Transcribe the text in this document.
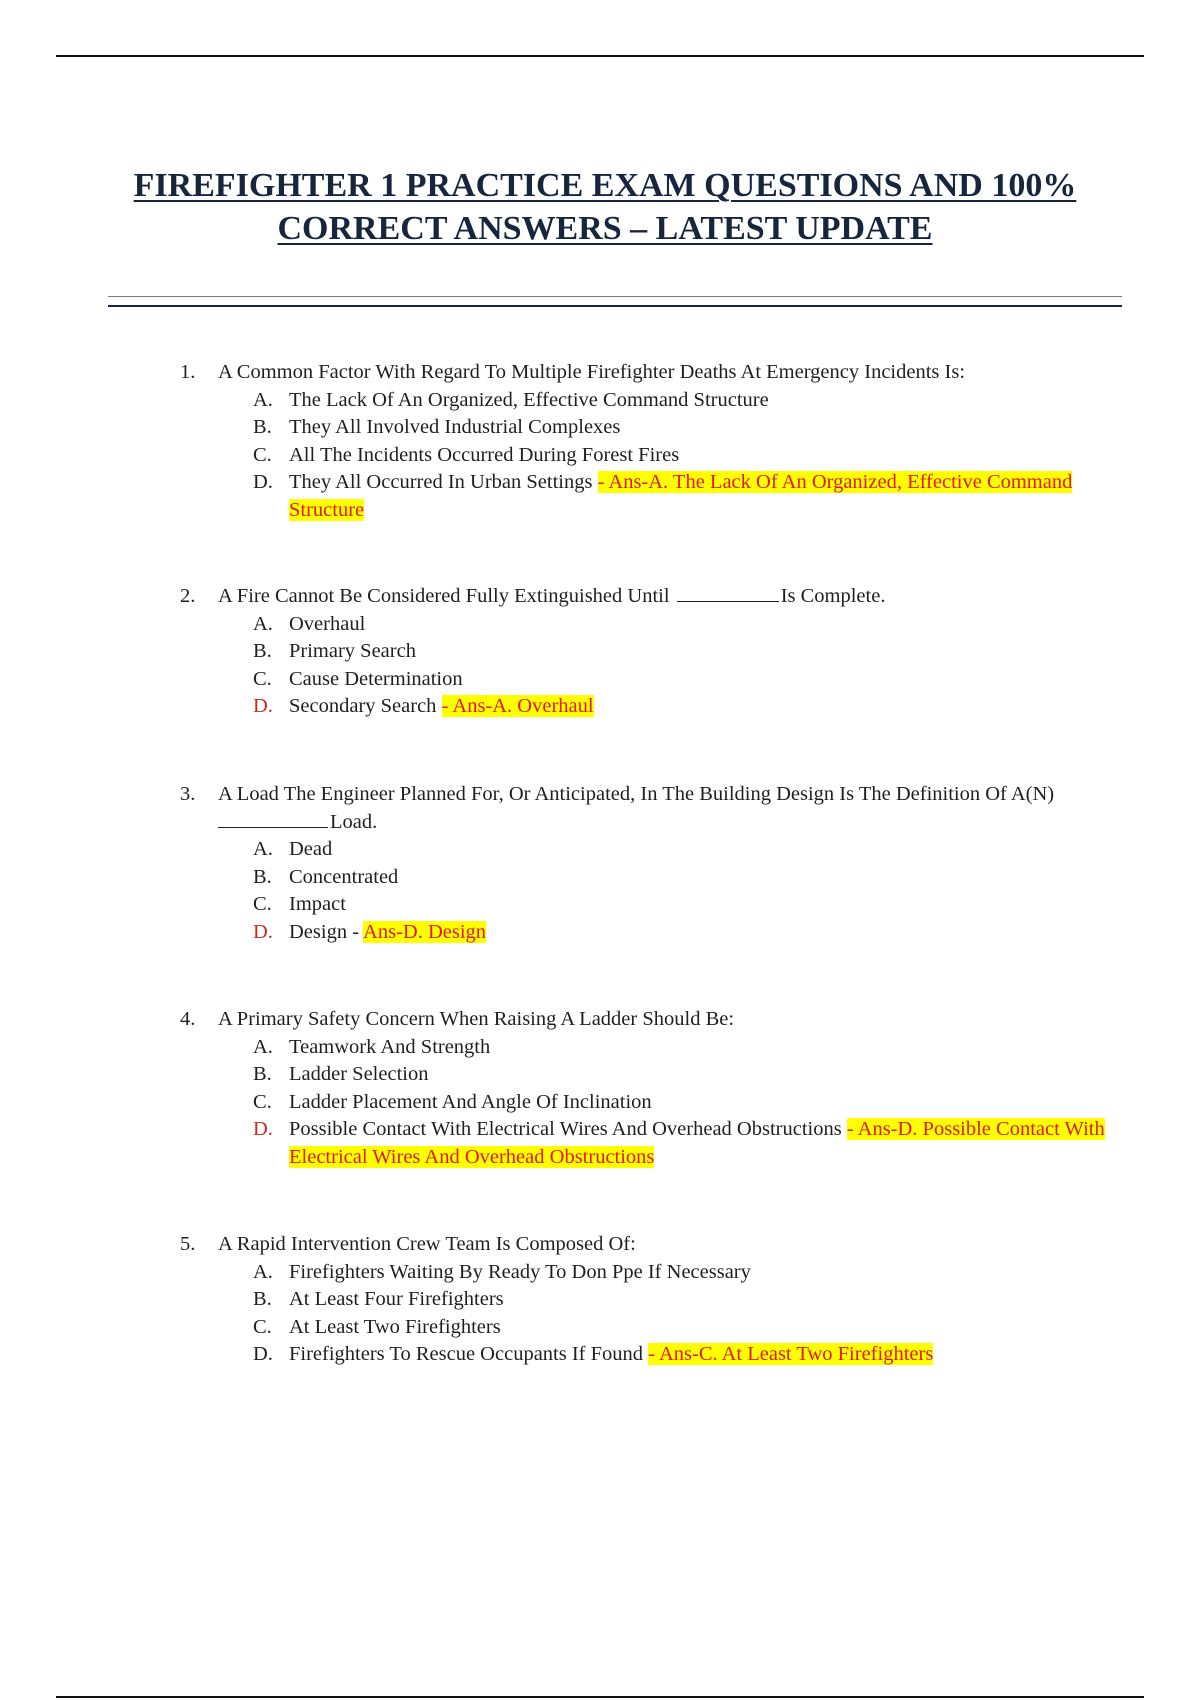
FIREFIGHTER 1 PRACTICE EXAM QUESTIONS AND 100%
CORRECT ANSWERS – LATEST UPDATE
1. A Common Factor With Regard To Multiple Firefighter Deaths At Emergency Incidents Is:
A. The Lack Of An Organized, Effective Command Structure
B. They All Involved Industrial Complexes
C. All The Incidents Occurred During Forest Fires
D. They All Occurred In Urban Settings - Ans-A. The Lack Of An Organized, Effective Command Structure
2. A Fire Cannot Be Considered Fully Extinguished Until	Is Complete.
A. Overhaul
B. Primary Search
C. Cause Determination
D. Secondary Search - Ans-A. Overhaul
3. A Load The Engineer Planned For, Or Anticipated, In The Building Design Is The Definition Of A(N)
Load.
A. Dead
B. Concentrated
C. Impact
D. Design - Ans-D. Design
4. A Primary Safety Concern When Raising A Ladder Should Be:
A. Teamwork And Strength
B. Ladder Selection
C. Ladder Placement And Angle Of Inclination
D. Possible Contact With Electrical Wires And Overhead Obstructions - Ans-D. Possible Contact With Electrical Wires And Overhead Obstructions
5. A Rapid Intervention Crew Team Is Composed Of:
A. Firefighters Waiting By Ready To Don Ppe If Necessary
B. At Least Four Firefighters
C. At Least Two Firefighters
D. Firefighters To Rescue Occupants If Found - Ans-C. At Least Two Firefighters
